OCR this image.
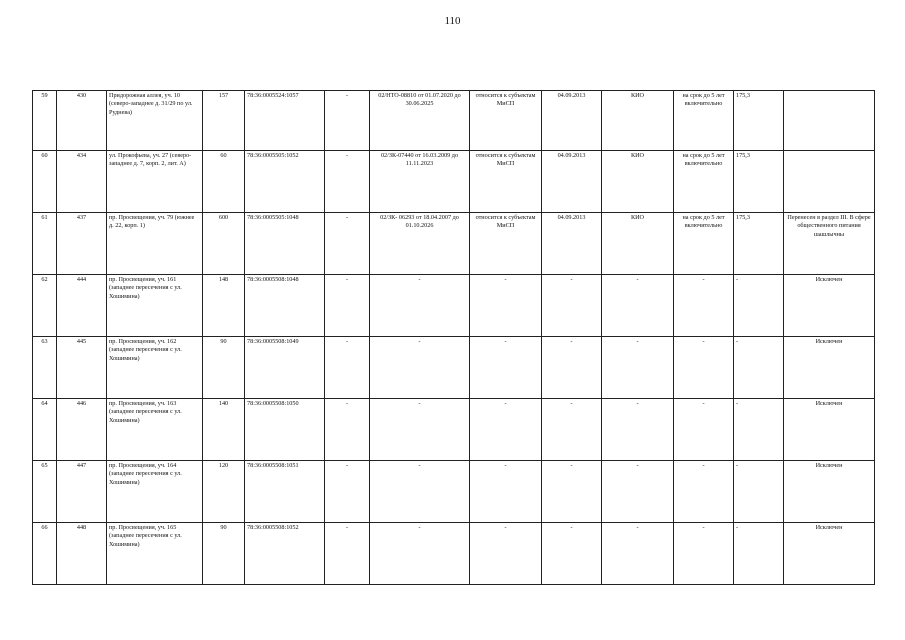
110
59	430	Придорожная аллея, уч. 10 (северо-западнее д. 31/29 по ул. Руднева)	157	78:36:0005524:1057	-	02/НТО-08810 от 01.07.2020 до 30.06.2025	относится к субъектам МиСП	04.09.2013	КИО	на срок до 5 лет включительно	175,3	
60	434	ул. Прокофьева, уч. 27 (северо-западнее д. 7, корп. 2, лит. А)	60	78:36:0005505:1052	-	02/ЗК-07440 от 16.03.2009 до 11.11.2023	относится к субъектам МиСП	04.09.2013	КИО	на срок до 5 лет включительно	175,3	
61	437	пр. Просвещения, уч. 79 (южнее д. 22, корп. 1)	600	78:36:0005505:1048	-	02/ЗК- 06293 от 18.04.2007 до 01.10.2026	относится к субъектам МиСП	04.09.2013	КИО	на срок до 5 лет включительно	175,3	Перенесен в раздел III. В сфере общественного питания шашлычны
62	444	пр. Просвещения, уч. 161 (западнее пересечения с ул. Хошимина)	148	78:36:0005508:1048	-	-	-	-	-	-	-	Исключен
63	445	пр. Просвещения, уч. 162 (западнее пересечения с ул. Хошимина)	90	78:36:0005508:1049	-	-	-	-	-	-	-	Исключен
64	446	пр. Просвещения, уч. 163 (западнее пересечения с ул. Хошимина)	140	78:36:0005508:1050	-	-	-	-	-	-	-	Исключен
65	447	пр. Просвещения, уч. 164 (западнее пересечения с ул. Хошимина)	120	78:36:0005508:1051	-	-	-	-	-	-	-	Исключен
66	448	пр. Просвещения, уч. 165 (западнее пересечения с ул. Хошимина)	90	78:36:0005508:1052	-	-	-	-	-	-	-	Исключен
